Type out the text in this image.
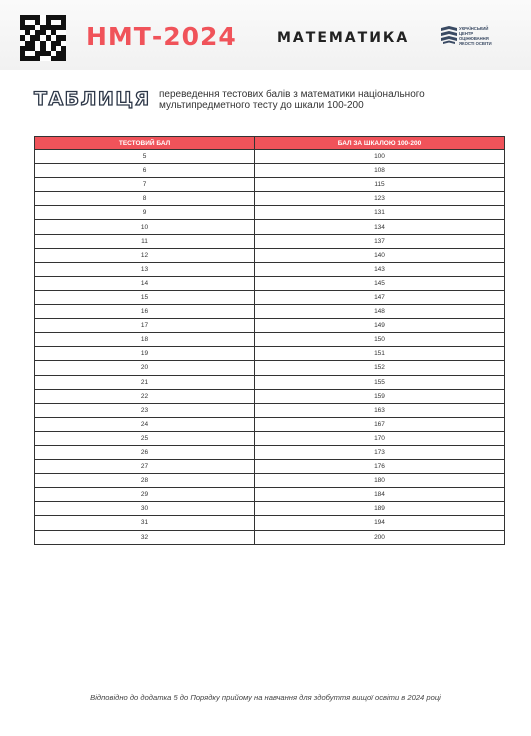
НМТ-2024	МАТЕМАТИКА
УКРАЇНСЬКИЙ
ЦЕНТР
ОЦІНЮВАННЯ
ЯКОСТІ ОСВІТИ
ТАБЛИЦЯ переведення тестових балів з математики національного мультипредметного тесту до шкали 100-200
ТЕСТОВИЙ БАЛ	БАЛ ЗА ШКАЛОЮ 100-200
5	100
6	108
7	115
8	123
9	131
10	134
11	137
12	140
13	143
14	145
15	147
16	148
17	149
18	150
19	151
20	152
21	155
22	159
23	163
24	167
25	170
26	173
27	176
28	180
29	184
30	189
31	194
32	200
Відповідно до додатка 5 до Порядку прийому на навчання для здобуття вищої освіти в 2024 році
